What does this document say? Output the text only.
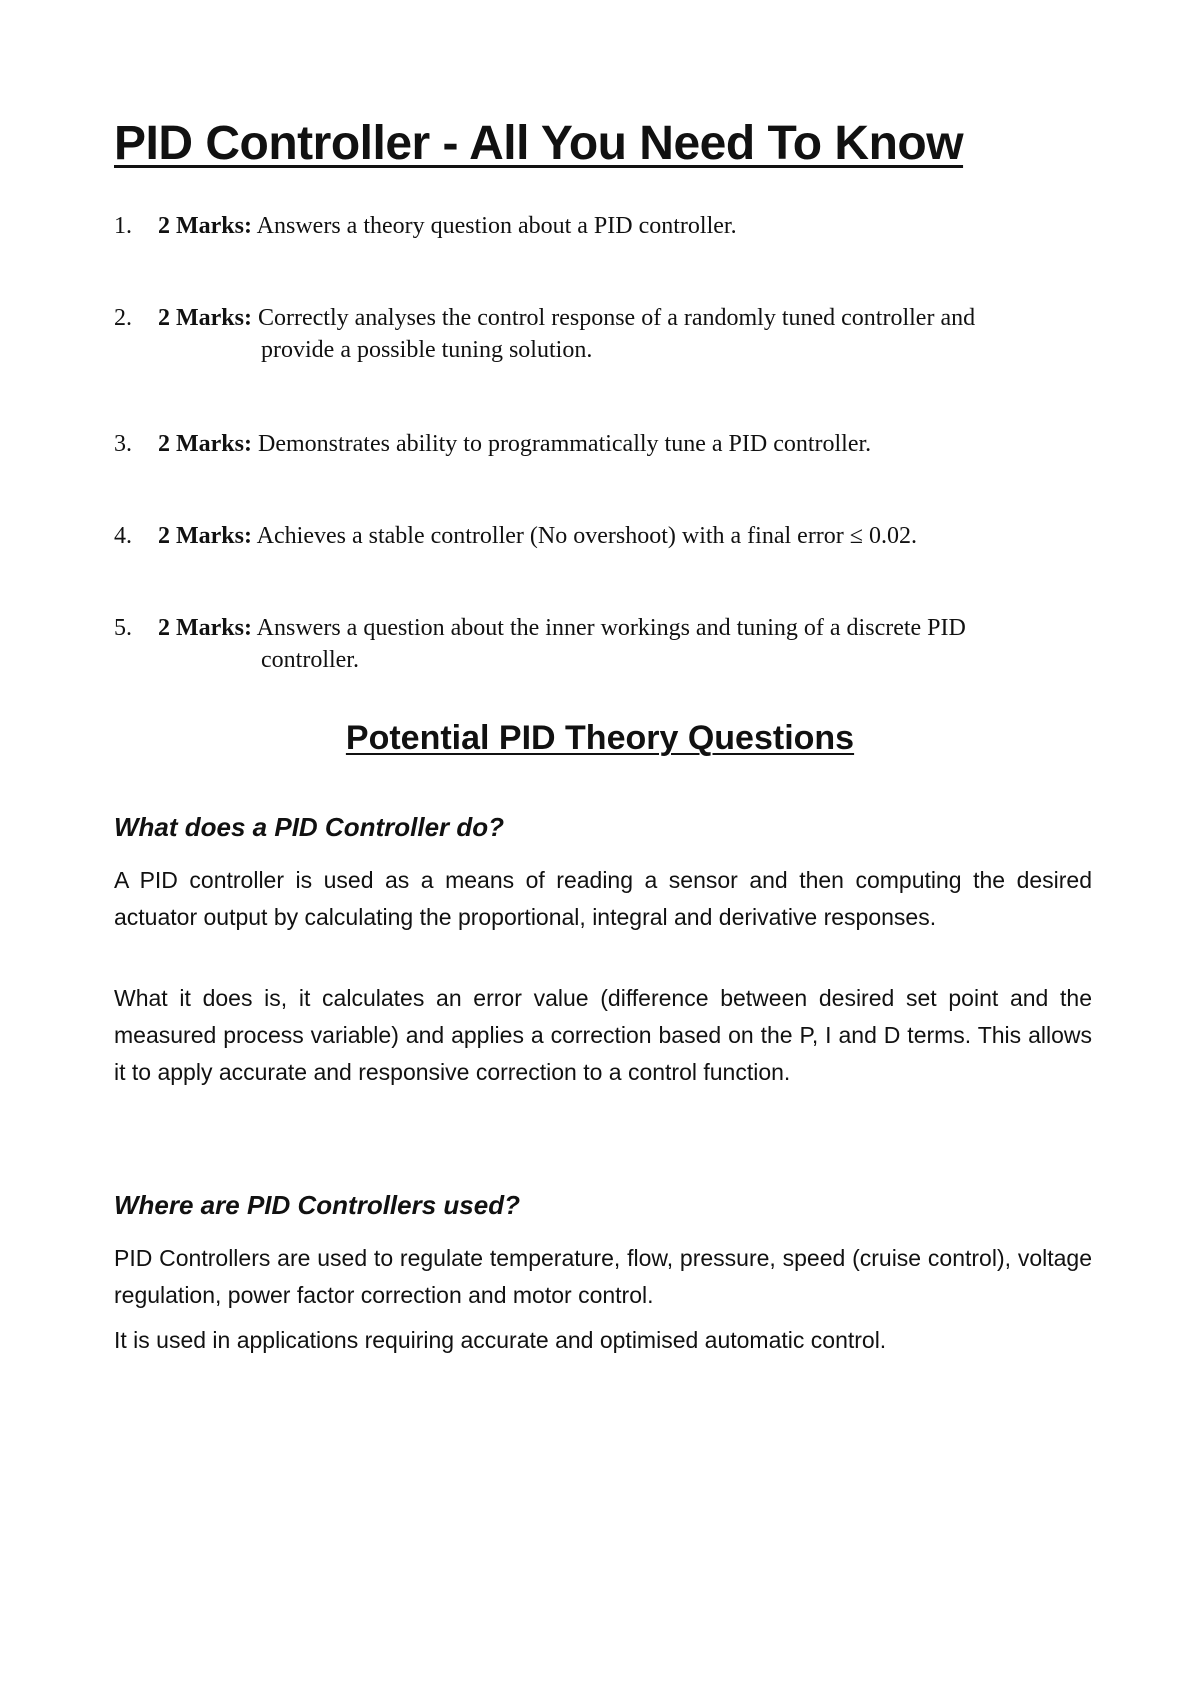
PID Controller - All You Need To Know
1.	2 Marks: Answers a theory question about a PID controller.
2.	2 Marks: Correctly analyses the control response of a randomly tuned controller and
provide a possible tuning solution.
3.	2 Marks: Demonstrates ability to programmatically tune a PID controller.
4.	2 Marks: Achieves a stable controller (No overshoot) with a final error ≤ 0.02.
5.	2 Marks: Answers a question about the inner workings and tuning of a discrete PID
controller.
Potential PID Theory Questions
What does a PID Controller do?

A PID controller is used as a means of reading a sensor and then computing the desired actuator output by calculating the proportional, integral and derivative responses.

What it does is, it calculates an error value (difference between desired set point and the measured process variable) and applies a correction based on the P, I and D terms. This allows it to apply accurate and responsive correction to a control function.

Where are PID Controllers used?

PID Controllers are used to regulate temperature, flow, pressure, speed (cruise control), voltage regulation, power factor correction and motor control.

It is used in applications requiring accurate and optimised automatic control.
